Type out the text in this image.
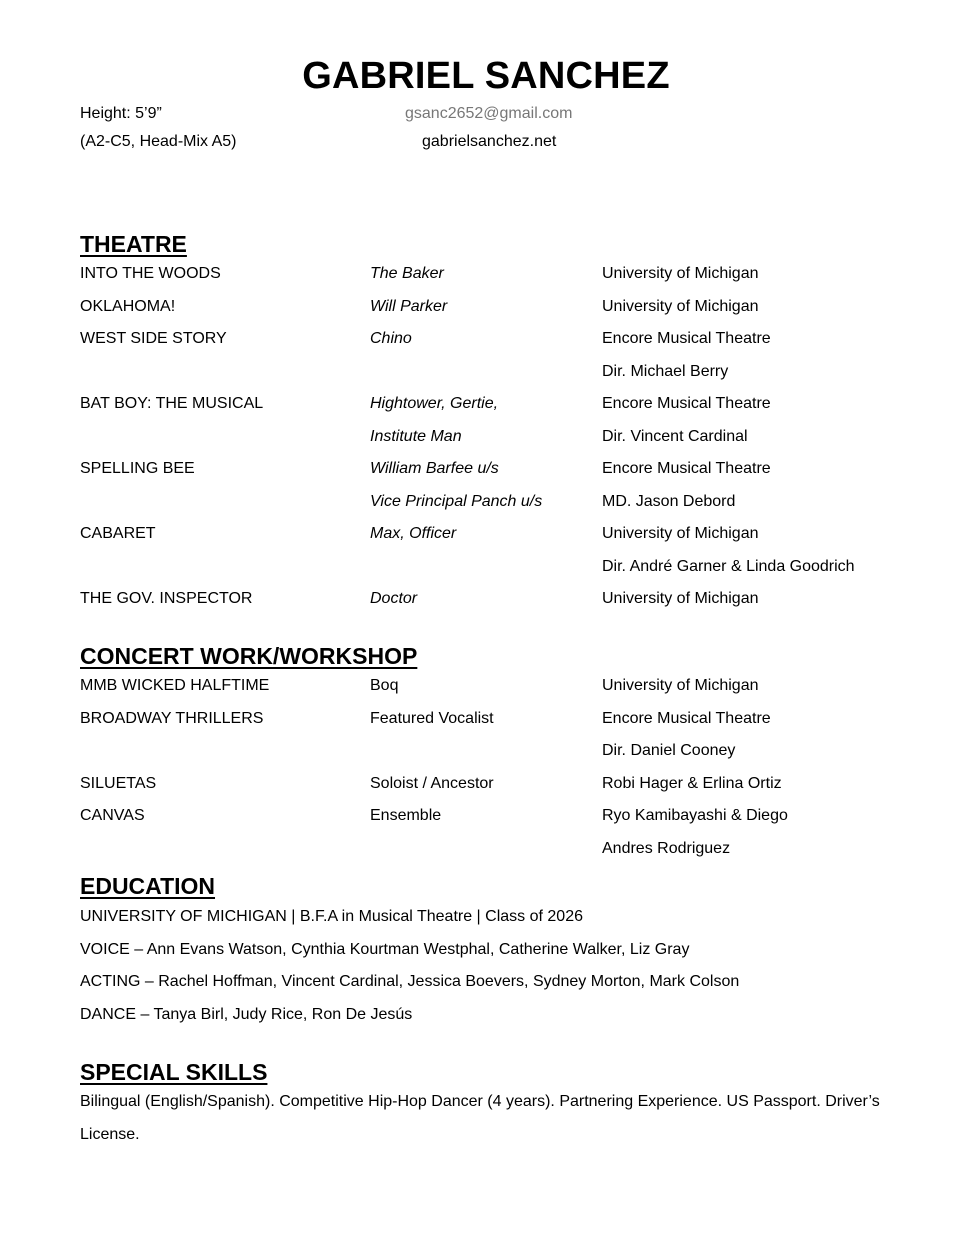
GABRIEL SANCHEZ
Height: 5’9”
(A2-C5, Head-Mix A5)
gsanc2652@gmail.com
gabrielsanchez.net
THEATRE
INTO THE WOODS	The Baker	University of Michigan
OKLAHOMA!	Will Parker	University of Michigan
WEST SIDE STORY	Chino	Encore Musical Theatre
Dir. Michael Berry
BAT BOY: THE MUSICAL	Hightower, Gertie,	Encore Musical Theatre
Institute Man	Dir. Vincent Cardinal
SPELLING BEE	William Barfee u/s	Encore Musical Theatre
Vice Principal Panch u/s	MD. Jason Debord
CABARET	Max, Officer	University of Michigan
Dir. André Garner & Linda Goodrich
THE GOV. INSPECTOR	Doctor	University of Michigan
CONCERT WORK/WORKSHOP
MMB WICKED HALFTIME	Boq	University of Michigan
BROADWAY THRILLERS	Featured Vocalist	Encore Musical Theatre
Dir. Daniel Cooney
SILUETAS	Soloist / Ancestor	Robi Hager & Erlina Ortiz
CANVAS	Ensemble	Ryo Kamibayashi & Diego
Andres Rodriguez
EDUCATION
UNIVERSITY OF MICHIGAN | B.F.A in Musical Theatre | Class of 2026
VOICE – Ann Evans Watson, Cynthia Kourtman Westphal, Catherine Walker, Liz Gray
ACTING – Rachel Hoffman, Vincent Cardinal, Jessica Boevers, Sydney Morton, Mark Colson
DANCE – Tanya Birl, Judy Rice, Ron De Jesús
SPECIAL SKILLS
Bilingual (English/Spanish). Competitive Hip-Hop Dancer (4 years). Partnering Experience. US Passport. Driver’s
License.
